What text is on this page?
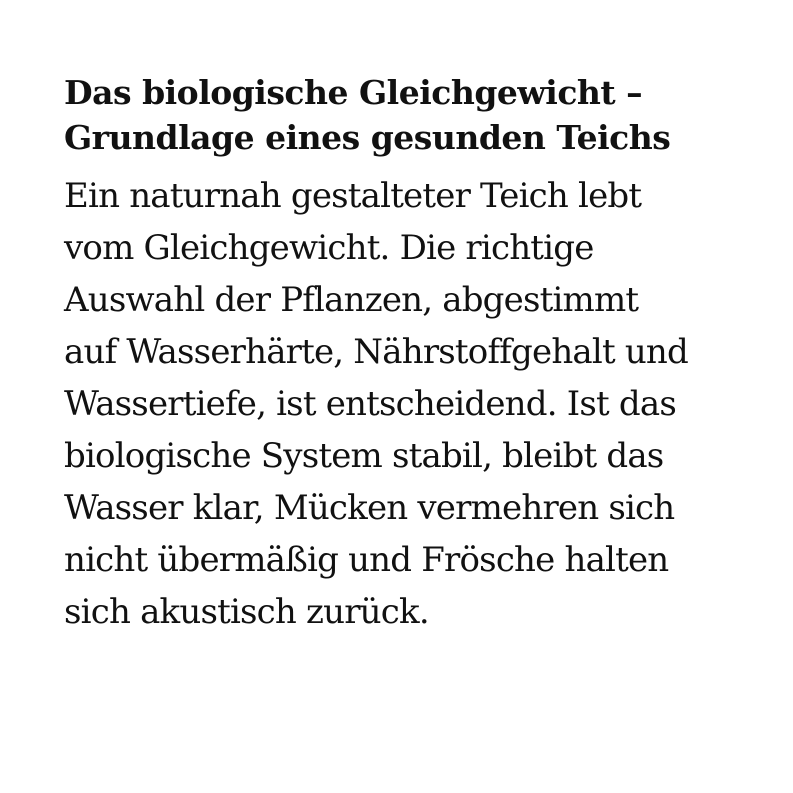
Das biologische Gleichgewicht –
Grundlage eines gesunden Teichs

Ein naturnah gestalteter Teich lebt
vom Gleichgewicht. Die richtige
Auswahl der Pflanzen, abgestimmt
auf Wasserhärte, Nährstoffgehalt und
Wassertiefe, ist entscheidend. Ist das
biologische System stabil, bleibt das
Wasser klar, Mücken vermehren sich
nicht übermäßig und Frösche halten
sich akustisch zurück.
